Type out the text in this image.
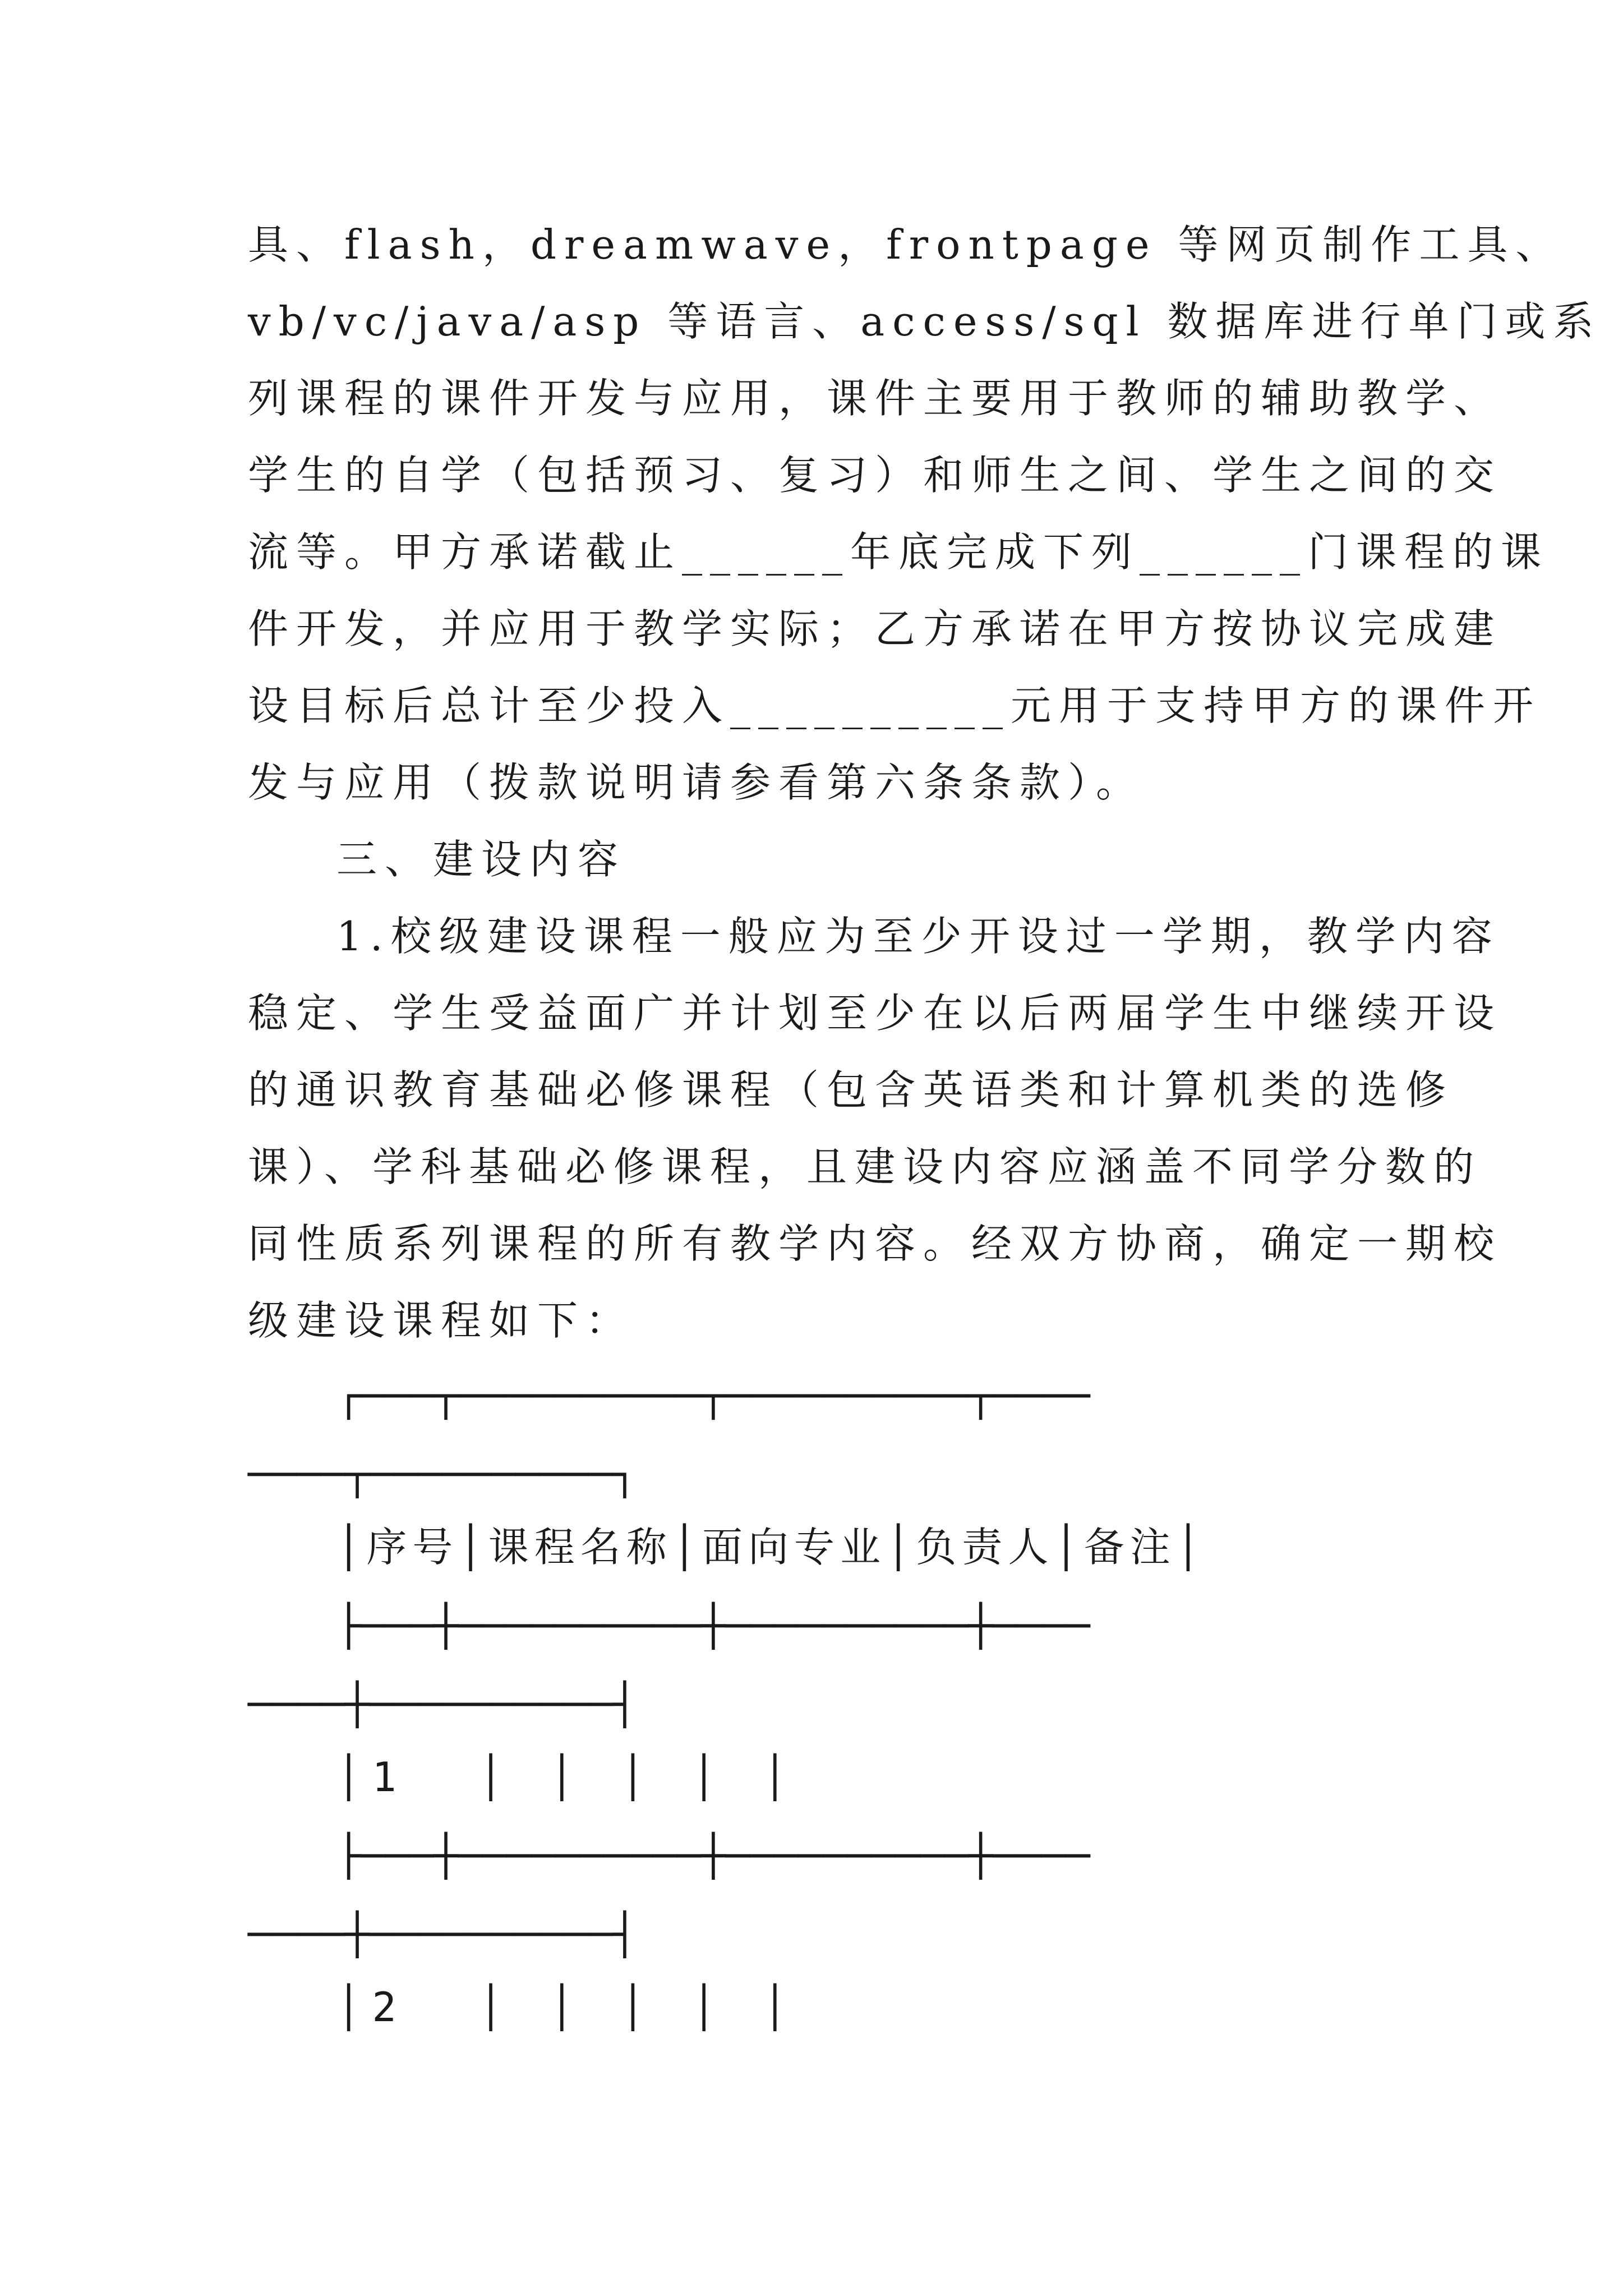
具、flash，dreamwave，frontpage 等网页制作工具、
vb/vc/java/asp 等语言、access/sql 数据库进行单门或系
列课程的课件开发与应用，课件主要用于教师的辅助教学、
学生的自学（包括预习、复习）和师生之间、学生之间的交
流等。甲方承诺截止______年底完成下列______门课程的课
件开发，并应用于教学实际；乙方承诺在甲方按协议完成建
设目标后总计至少投入__________元用于支持甲方的课件开
发与应用（拨款说明请参看第六条条款）。
三、建设内容
1.校级建设课程一般应为至少开设过一学期，教学内容
稳定、学生受益面广并计划至少在以后两届学生中继续开设
的通识教育基础必修课程（包含英语类和计算机类的选修
课）、学科基础必修课程，且建设内容应涵盖不同学分数的
同性质系列课程的所有教学内容。经双方协商，确定一期校
级建设课程如下：
┌───┬──────────┬──────────┬────
────┬──────────┐
│序号│课程名称│面向专业│负责人│备注│
├───┼──────────┼──────────┼────
────┼──────────┤
│1  │ │ │ │ │
├───┼──────────┼──────────┼────
────┼──────────┤
│2  │ │ │ │ │
